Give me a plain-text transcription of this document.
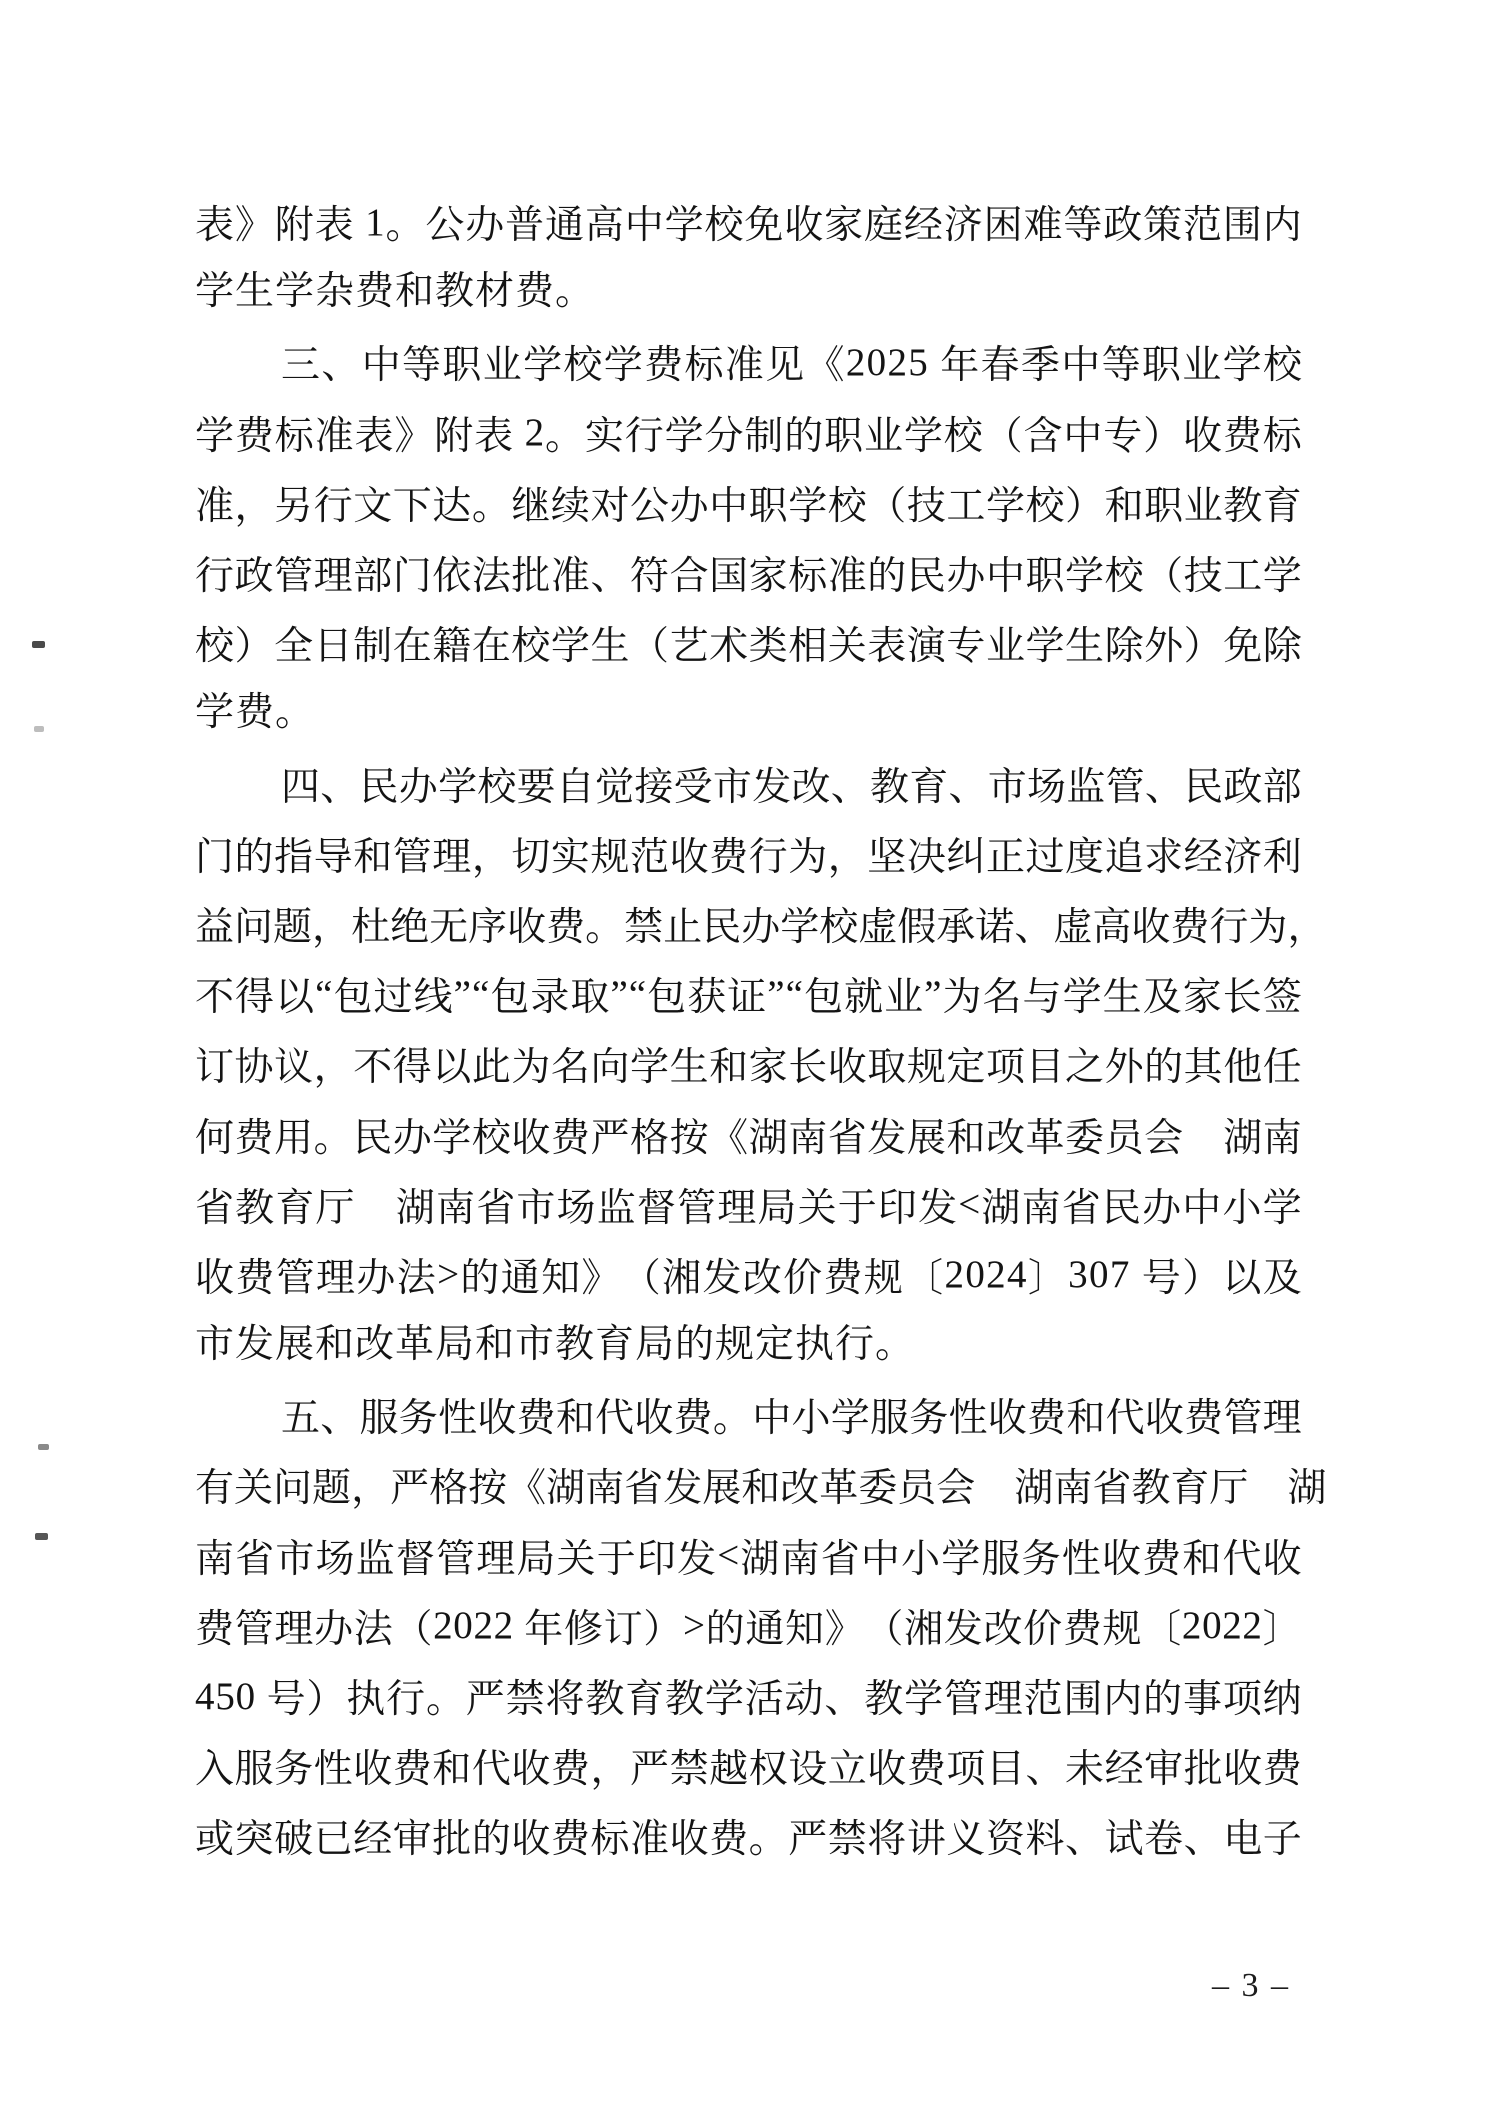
表 》 附 表
1 。 公 办 普 通 高 中 学 校 免 收 家 庭 经 济 困 难 等 政 策 范 围 内
学生学杂费和教材费。
三 、 中 等 职 业 学 校 学 费 标 准 见 《 2 0 2 5
年 春 季 中 等 职 业 学 校
学 费 标 准 表 》 附 表
2 。 实 行 学 分 制 的 职 业 学 校 （ 含 中 专 ） 收 费 标
准 ， 另 行 文 下 达 。 继 续 对 公 办 中 职 学 校 （ 技 工 学 校 ） 和 职 业 教 育
行 政 管 理 部 门 依 法 批 准 、 符 合 国 家 标 准 的 民 办 中 职 学 校 （ 技 工 学
校 ） 全 日 制 在 籍 在 校 学 生 （ 艺 术 类 相 关 表 演 专 业 学 生 除 外 ） 免 除
学费。
四 、 民 办 学 校 要 自 觉 接 受 市 发 改 、 教 育 、 市 场 监 管 、 民 政 部
门 的 指 导 和 管 理 ， 切 实 规 范 收 费 行 为 ， 坚 决 纠 正 过 度 追 求 经 济 利
益 问 题 ， 杜 绝 无 序 收 费 。 禁 止 民 办 学 校 虚 假 承 诺 、 虚 高 收 费 行 为 ，
不 得 以 “ 包 过 线 ” “ 包 录 取 ” “ 包 获 证 ” “ 包 就 业 ” 为 名 与 学 生 及 家 长 签
订 协 议 ， 不 得 以 此 为 名 向 学 生 和 家 长 收 取 规 定 项 目 之 外 的 其 他 任
何 费 用 。 民 办 学 校 收 费 严 格 按 《 湖 南 省 发 展 和 改 革 委 员 会
　 湖 南
省 教 育 厅
　 湖 南 省 市 场 监 督 管 理 局 关 于 印 发 < 湖 南 省 民 办 中 小 学
收 费 管 理 办 法 > 的 通 知 》 （ 湘 发 改 价 费 规 〔 2 0 2 4 〕 3 0 7
号 ） 以 及
市发展和改革局和市教育局的规定执行。
五 、 服 务 性 收 费 和 代 收 费 。 中 小 学 服 务 性 收 费 和 代 收 费 管 理
有 关 问 题 ， 严 格 按 《 湖 南 省 发 展 和 改 革 委 员 会
　 湖 南 省 教 育 厅
　 湖
南 省 市 场 监 督 管 理 局 关 于 印 发 < 湖 南 省 中 小 学 服 务 性 收 费 和 代 收
费 管 理 办 法 （ 2 0 2 2
年 修 订 ） > 的 通 知 》 （ 湘 发 改 价 费 规 〔 2 0 2 2 〕
4 5 0
号 ） 执 行 。 严 禁 将 教 育 教 学 活 动 、 教 学 管 理 范 围 内 的 事 项 纳
入 服 务 性 收 费 和 代 收 费 ， 严 禁 越 权 设 立 收 费 项 目 、 未 经 审 批 收 费
或 突 破 已 经 审 批 的 收 费 标 准 收 费 。 严 禁 将 讲 义 资 料 、 试 卷 、 电 子
– 3 –
